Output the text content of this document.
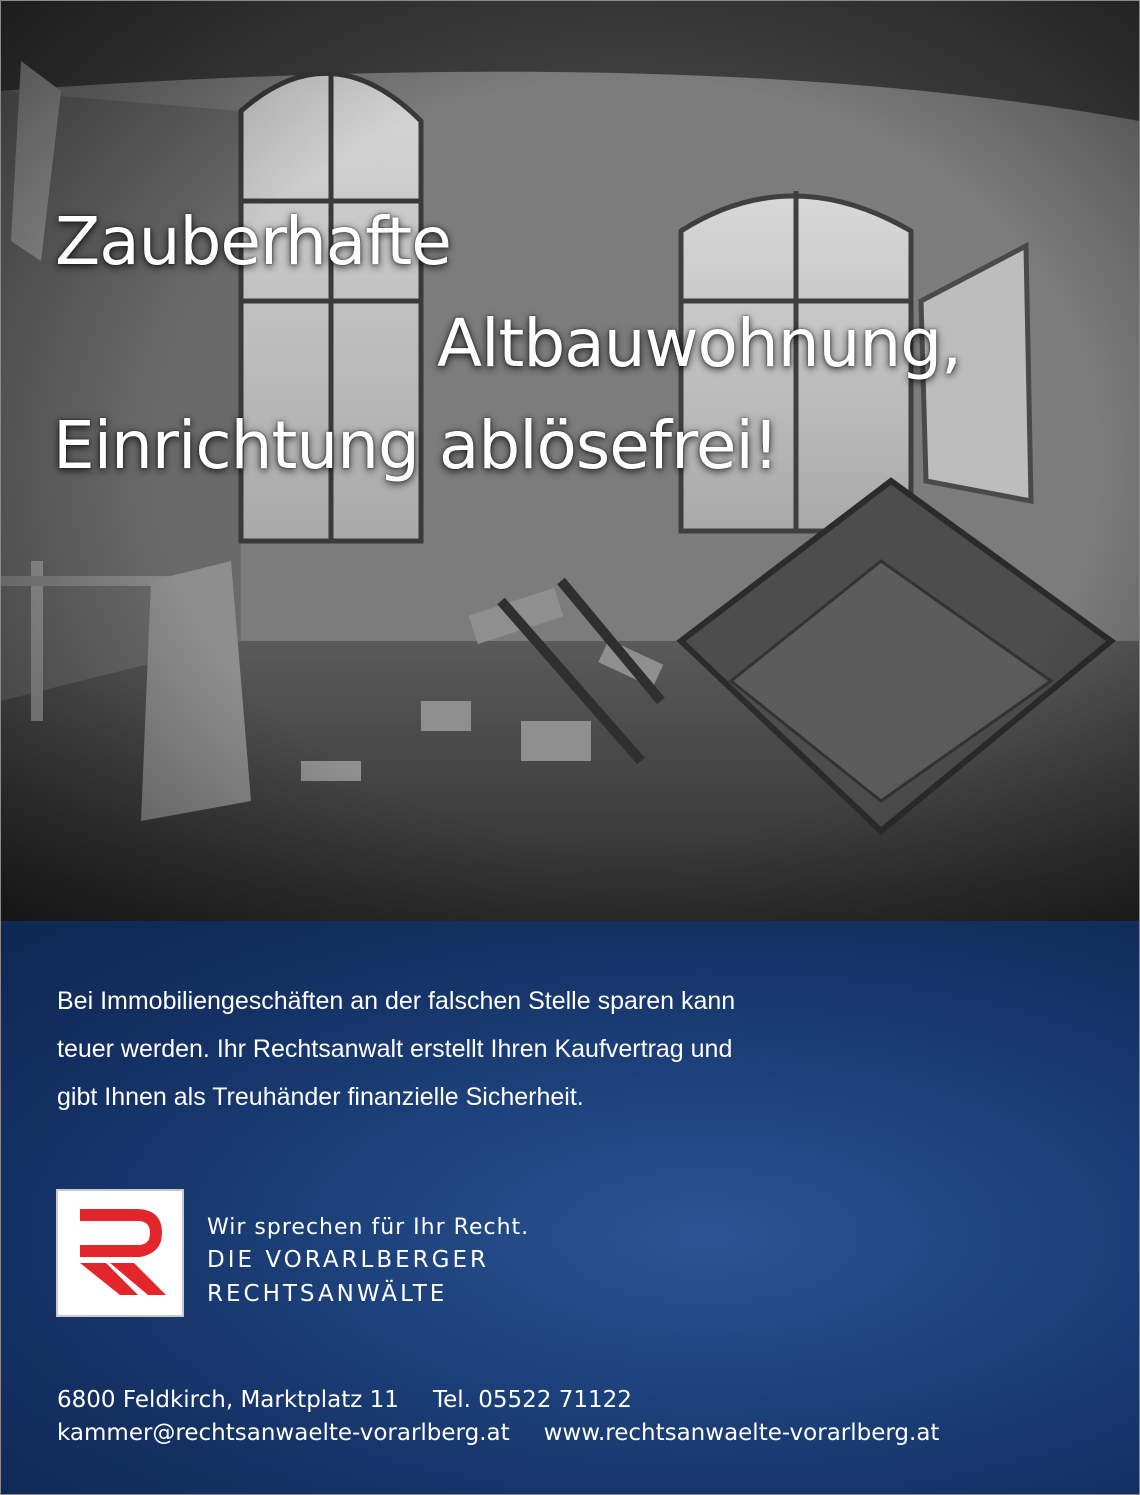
Zauberhafte
Altbauwohnung,
Einrichtung ablösefrei!

Bei Immobiliengeschäften an der falschen Stelle sparen kann
teuer werden. Ihr Rechtsanwalt erstellt Ihren Kaufvertrag und
gibt Ihnen als Treuhänder finanzielle Sicherheit.

Wir sprechen für Ihr Recht.
DIE VORARLBERGER
RECHTSANWÄLTE
6800 Feldkirch, Marktplatz 11 Tel. 05522 71122
kammer@rechtsanwaelte-vorarlberg.at www.rechtsanwaelte-vorarlberg.at
